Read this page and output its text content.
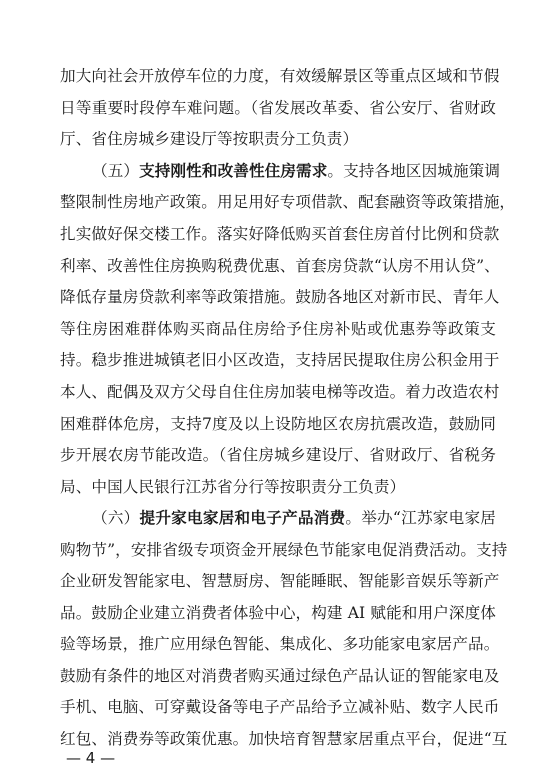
加大向社会开放停车位的力度，有效缓解景区等重点区域和节假
日等重要时段停车难问题。（省发展改革委、省公安厅、省财政
厅、省住房城乡建设厅等按职责分工负责）
（五）支持刚性和改善性住房需求。支持各地区因城施策调
整限制性房地产政策。用足用好专项借款、配套融资等政策措施，
扎实做好保交楼工作。落实好降低购买首套住房首付比例和贷款
利率、改善性住房换购税费优惠、首套房贷款“认房不用认贷”、
降低存量房贷款利率等政策措施。鼓励各地区对新市民、青年人
等住房困难群体购买商品住房给予住房补贴或优惠券等政策支
持。稳步推进城镇老旧小区改造，支持居民提取住房公积金用于
本人、配偶及双方父母自住住房加装电梯等改造。着力改造农村
困难群体危房，支持7度及以上设防地区农房抗震改造，鼓励同
步开展农房节能改造。（省住房城乡建设厅、省财政厅、省税务
局、中国人民银行江苏省分行等按职责分工负责）
（六）提升家电家居和电子产品消费。举办“江苏家电家居
购物节”，安排省级专项资金开展绿色节能家电促消费活动。支持
企业研发智能家电、智慧厨房、智能睡眠、智能影音娱乐等新产
品。鼓励企业建立消费者体验中心，构建 AI 赋能和用户深度体
验等场景，推广应用绿色智能、集成化、多功能家电家居产品。
鼓励有条件的地区对消费者购买通过绿色产品认证的智能家电及
手机、电脑、可穿戴设备等电子产品给予立减补贴、数字人民币
红包、消费券等政策优惠。加快培育智慧家居重点平台，促进“互
— 4 —
